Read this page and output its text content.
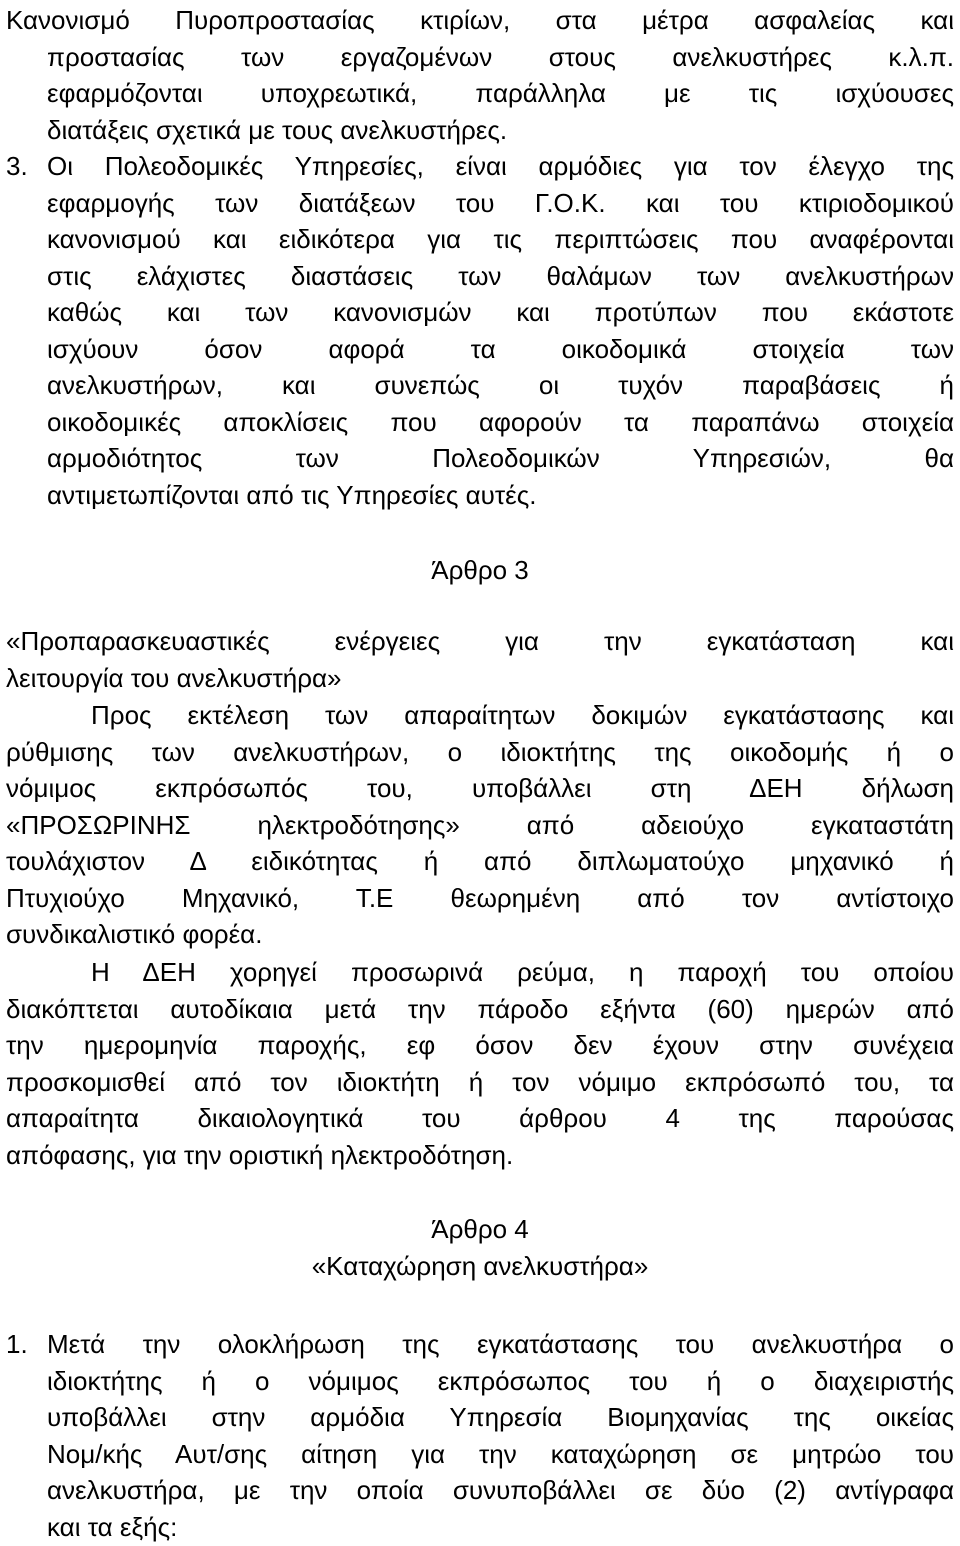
Κανονισμό Πυροπροστασίας κτιρίων, στα μέτρα ασφαλείας και
προστασίας των εργαζομένων στους ανελκυστήρες κ.λ.π.
εφαρμόζονται υποχρεωτικά, παράλληλα με τις ισχύουσες
διατάξεις σχετικά με τους ανελκυστήρες.
3. Οι Πολεοδομικές Υπηρεσίες, είναι αρμόδιες για τον έλεγχο της
εφαρμογής των διατάξεων του Γ.Ο.Κ. και του κτιριοδομικού
κανονισμού και ειδικότερα για τις περιπτώσεις που αναφέρονται
στις ελάχιστες διαστάσεις των θαλάμων των ανελκυστήρων
καθώς και των κανονισμών και προτύπων που εκάστοτε
ισχύουν όσον αφορά τα οικοδομικά στοιχεία των
ανελκυστήρων, και συνεπώς οι τυχόν παραβάσεις ή
οικοδομικές αποκλίσεις που αφορούν τα παραπάνω στοιχεία
αρμοδιότητος των Πολεοδομικών Υπηρεσιών, θα
αντιμετωπίζονται από τις Υπηρεσίες αυτές.
Άρθρο 3
«Προπαρασκευαστικές ενέργειες για την εγκατάσταση και
λειτουργία του ανελκυστήρα»
Προς εκτέλεση των απαραίτητων δοκιμών εγκατάστασης και
ρύθμισης των ανελκυστήρων, ο ιδιοκτήτης της οικοδομής ή ο
νόμιμος εκπρόσωπός του, υποβάλλει στη ΔΕΗ δήλωση
«ΠΡΟΣΩΡΙΝΗΣ ηλεκτροδότησης» από αδειούχο εγκαταστάτη
τουλάχιστον Δ ειδικότητας ή από διπλωματούχο μηχανικό ή
Πτυχιούχο Μηχανικό, Τ.Ε θεωρημένη από τον αντίστοιχο
συνδικαλιστικό φορέα.
Η ΔΕΗ χορηγεί προσωρινά ρεύμα, η παροχή του οποίου
διακόπτεται αυτοδίκαια μετά την πάροδο εξήντα (60) ημερών από
την ημερομηνία παροχής, εφ όσον δεν έχουν στην συνέχεια
προσκομισθεί από τον ιδιοκτήτη ή τον νόμιμο εκπρόσωπό του, τα
απαραίτητα δικαιολογητικά του άρθρου 4 της παρούσας
απόφασης, για την οριστική ηλεκτροδότηση.
Άρθρο 4
«Καταχώρηση ανελκυστήρα»
1. Μετά την ολοκλήρωση της εγκατάστασης του ανελκυστήρα ο
ιδιοκτήτης ή ο νόμιμος εκπρόσωπος του ή ο διαχειριστής
υποβάλλει στην αρμόδια Υπηρεσία Βιομηχανίας της οικείας
Νομ/κής Αυτ/σης αίτηση για την καταχώρηση σε μητρώο του
ανελκυστήρα, με την οποία συνυποβάλλει σε δύο (2) αντίγραφα
και τα εξής:
